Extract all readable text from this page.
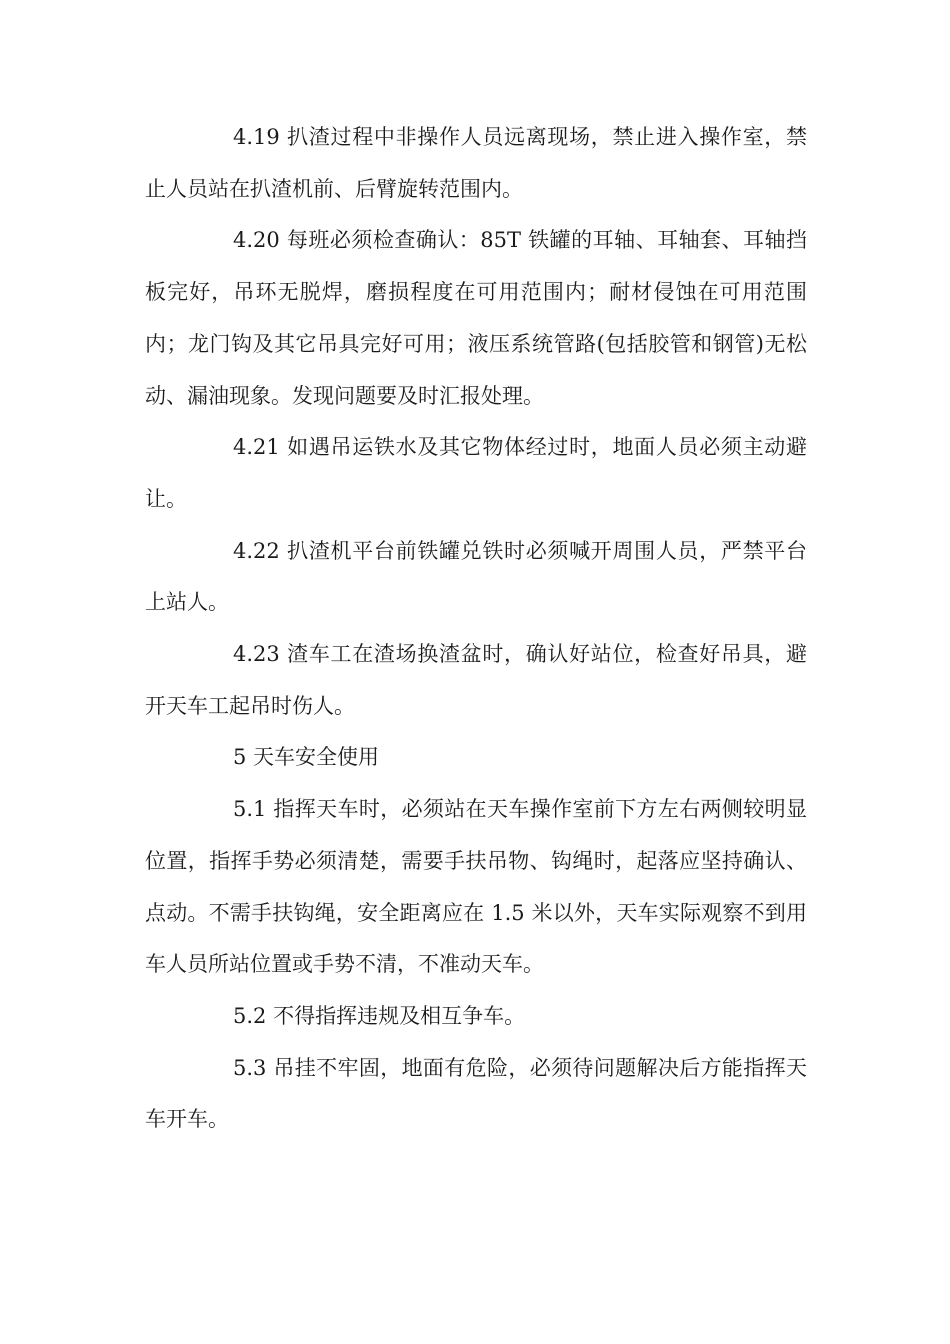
4.19 扒渣过程中非操作人员远离现场，禁止进入操作室，禁止人员站在扒渣机前、后臂旋转范围内。

4.20 每班必须检查确认：85T 铁罐的耳轴、耳轴套、耳轴挡板完好，吊环无脱焊，磨损程度在可用范围内；耐材侵蚀在可用范围内；龙门钩及其它吊具完好可用；液压系统管路(包括胶管和钢管)无松动、漏油现象。发现问题要及时汇报处理。

4.21 如遇吊运铁水及其它物体经过时，地面人员必须主动避让。

4.22 扒渣机平台前铁罐兑铁时必须喊开周围人员，严禁平台上站人。

4.23 渣车工在渣场换渣盆时，确认好站位，检查好吊具，避开天车工起吊时伤人。

5 天车安全使用

5.1 指挥天车时，必须站在天车操作室前下方左右两侧较明显位置，指挥手势必须清楚，需要手扶吊物、钩绳时，起落应坚持确认、点动。不需手扶钩绳，安全距离应在 1.5 米以外，天车实际观察不到用车人员所站位置或手势不清，不准动天车。

5.2 不得指挥违规及相互争车。

5.3 吊挂不牢固，地面有危险，必须待问题解决后方能指挥天车开车。
